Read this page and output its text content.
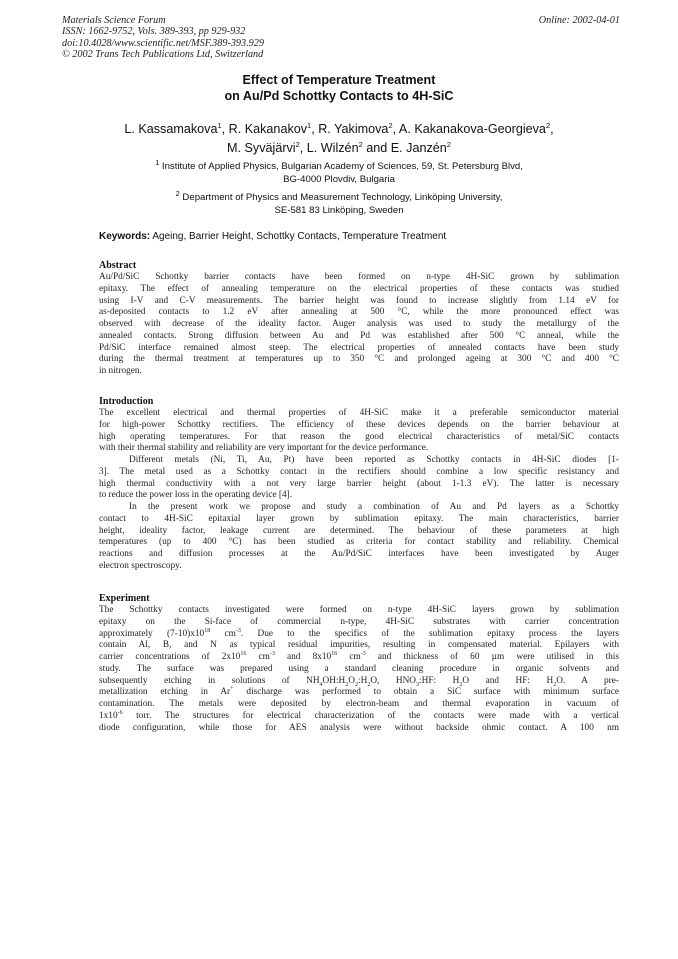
Materials Science Forum
ISSN: 1662-9752, Vols. 389-393, pp 929-932
doi:10.4028/www.scientific.net/MSF.389-393.929
© 2002 Trans Tech Publications Ltd, Switzerland
Online: 2002-04-01
Effect of Temperature Treatment
on Au/Pd Schottky Contacts to 4H-SiC
L. Kassamakova$^1$, R. Kakanakov$^1$, R. Yakimova$^2$, A. Kakanakova-Georgieva$^2$,
M. Syväjärvi$^2$, L. Wilzén$^2$ and E. Janzén$^2$
$^1$ Institute of Applied Physics, Bulgarian Academy of Sciences, 59, St. Petersburg Blvd,
BG-4000 Plovdiv, Bulgaria
$^2$ Department of Physics and Measurement Technology, Linköping University,
SE-581 83 Linköping, Sweden
Keywords: Ageing, Barrier Height, Schottky Contacts, Temperature Treatment
Abstract
Au/Pd/SiC Schottky barrier contacts have been formed on n-type 4H-SiC grown by sublimation
epitaxy. The effect of annealing temperature on the electrical properties of these contacts was studied
using I-V and C-V measurements. The barrier height was found to increase slightly from 1.14 eV for
as-deposited contacts to 1.2 eV after annealing at 500 °C, while the more pronounced effect was
observed with decrease of the ideality factor. Auger analysis was used to study the metallurgy of the
annealed contacts. Strong diffusion between Au and Pd was established after 500 °C anneal, while the
Pd/SiC interface remained almost steep. The electrical properties of annealed contacts have been study
during the thermal treatment at temperatures up to 350 °C and prolonged ageing at 300 °C and 400 °C
in nitrogen.
Introduction
The excellent electrical and thermal properties of 4H-SiC make it a preferable semiconductor material
for high-power Schottky rectifiers. The efficiency of these devices depends on the barrier behaviour at
high operating temperatures. For that reason the good electrical characteristics of metal/SiC contacts
with their thermal stability and reliability are very important for the device performance.
Different metals (Ni, Ti, Au, Pt) have been reported as Schottky contacts in 4H-SiC diodes [1-
3]. The metal used as a Schottky contact in the rectifiers should combine a low specific resistancy and
high thermal conductivity with a not very large barrier height (about 1-1.3 eV). The latter is necessary
to reduce the power loss in the operating device [4].
In the present work we propose and study a combination of Au and Pd layers as a Schottky
contact to 4H-SiC epitaxial layer grown by sublimation epitaxy. The main characteristics, barrier
height, ideality factor, leakage current are determined. The behaviour of these parameters at high
temperatures (up to 400 °C) has been studied as criteria for contact stability and reliability. Chemical
reactions and diffusion processes at the Au/Pd/SiC interfaces have been investigated by Auger
electron spectroscopy.
Experiment
The Schottky contacts investigated were formed on n-type 4H-SiC layers grown by sublimation
epitaxy on the Si-face of commercial n-type, 4H-SiC substrates with carrier concentration
approximately $(7-10)x10^{18}$ $cm^{-3}$. Due to the specifics of the sublimation epitaxy process the layers
contain Al, B, and N as typical residual impurities, resulting in compensated material. Epilayers with
carrier concentrations of $2x10^{16}$ $cm^{-3}$ and $8x10^{16}$ $cm^{-3}$ and thickness of 60 µm were utilised in this
study. The surface was prepared using a standard cleaning procedure in organic solvents and
subsequently etching in solutions of $NH_4OH:H_2O_2:H_2O$, $HNO_3:HF$: $H_2O$ and HF: $H_2O$. A pre-
metallization etching in Ar+ discharge was performed to obtain a SiC surface with minimum surface
contamination. The metals were deposited by electron-beam and thermal evaporation in vacuum of
$1x10^{-6}$ torr. The structures for electrical characterization of the contacts were made with a vertical
diode configuration, while those for AES analysis were without backside ohmic contact. A 100 nm
